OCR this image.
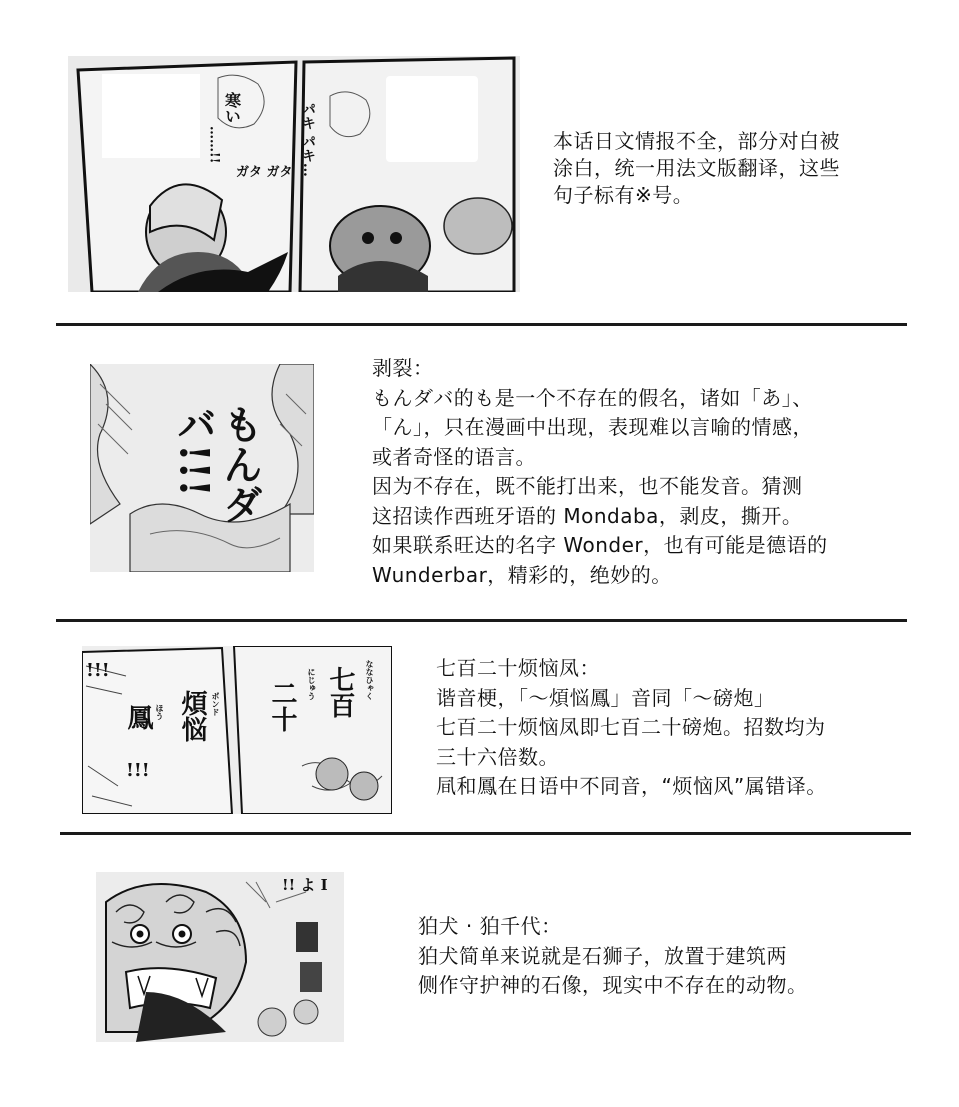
寒い
……!!
ガタ ガタ パキ パキ…	本话日文情报不全，部分对白被
涂白，统一用法文版翻译，这些
句子标有※号。
もんダ
バ!!!
剥裂：
もんダバ的も是一个不存在的假名，诸如「あ」、
「ん」，只在漫画中出现，表现难以言喻的情感，
或者奇怪的语言。
因为不存在，既不能打出来，也不能发音。猜测
这招读作西班牙语的 Mondaba，剥皮，撕开。
如果联系旺达的名字 Wonder，也有可能是德语的
Wunderbar，精彩的，绝妙的。
!!!
煩悩
鳳	ボンド
ほう
!!!
七百
二十	ななひゃく
にじゅう	七百二十烦恼凤：
谐音梗，「～煩悩鳳」音同「～磅炮」
七百二十烦恼凤即七百二十磅炮。招数均为
三十六倍数。
凬和鳳在日语中不同音，“烦恼风”属错译。
!! よ I
狛犬 · 狛千代：
狛犬简单来说就是石狮子，放置于建筑两
侧作守护神的石像，现实中不存在的动物。
